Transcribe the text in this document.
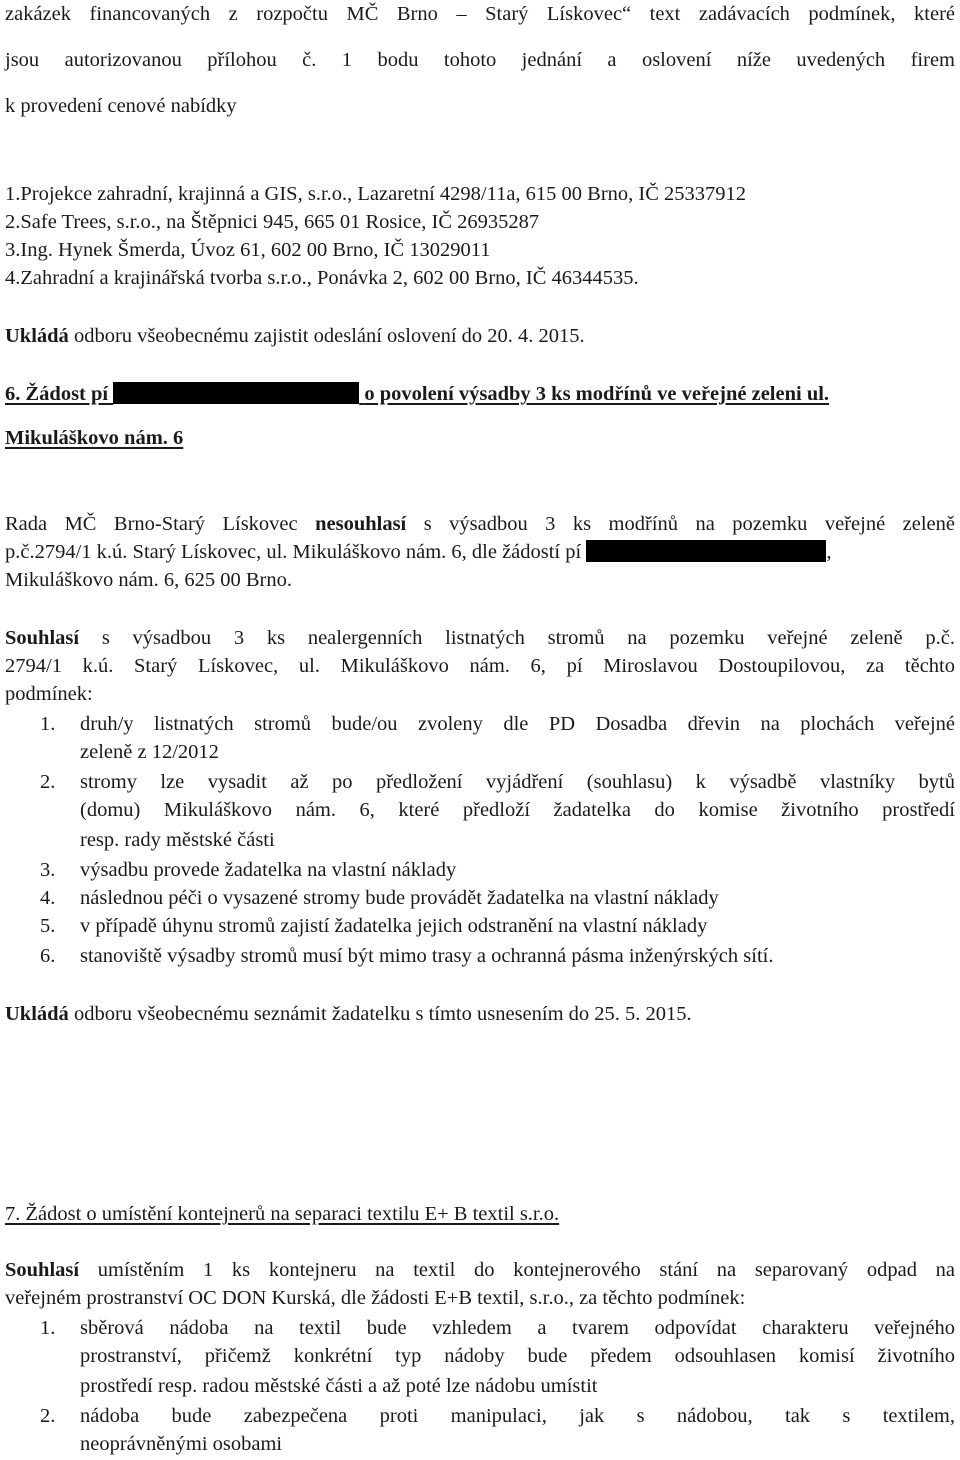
zakázek financovaných z rozpočtu MČ Brno – Starý Lískovec“ text zadávacích podmínek, které
jsou autorizovanou přílohou č. 1 bodu tohoto jednání a oslovení níže uvedených firem
k provedení cenové nabídky
1.Projekce zahradní, krajinná a GIS, s.r.o., Lazaretní 4298/11a, 615 00 Brno, IČ 25337912
2.Safe Trees, s.r.o., na Štěpnici 945, 665 01 Rosice, IČ 26935287
3.Ing. Hynek Šmerda, Úvoz 61, 602 00 Brno, IČ 13029011
4.Zahradní a krajinářská tvorba s.r.o., Ponávka 2, 602 00 Brno, IČ 46344535.
Ukládá odboru všeobecnému zajistit odeslání oslovení do 20. 4. 2015.
6. Žádost pí	o povolení výsadby 3 ks modřínů ve veřejné zeleni ul.
Mikuláškovo nám. 6
Rada MČ Brno-Starý Lískovec nesouhlasí s výsadbou 3 ks modřínů na pozemku veřejné zeleně
p.č.2794/1 k.ú. Starý Lískovec, ul. Mikuláškovo nám. 6, dle žádostí pí	,
Mikuláškovo nám. 6, 625 00 Brno.
Souhlasí s výsadbou 3 ks nealergenních listnatých stromů na pozemku veřejné zeleně p.č.
2794/1 k.ú. Starý Lískovec, ul. Mikuláškovo nám. 6, pí Miroslavou Dostoupilovou, za těchto
podmínek:
1. druh/y listnatých stromů bude/ou zvoleny dle PD Dosadba dřevin na plochách veřejné
zeleně z 12/2012
2. stromy lze vysadit až po předložení vyjádření (souhlasu) k výsadbě vlastníky bytů
(domu) Mikuláškovo nám. 6, které předloží žadatelka do komise životního prostředí
resp. rady městské části
3. výsadbu provede žadatelka na vlastní náklady
4. následnou péči o vysazené stromy bude provádět žadatelka na vlastní náklady
5. v případě úhynu stromů zajistí žadatelka jejich odstranění na vlastní náklady
6. stanoviště výsadby stromů musí být mimo trasy a ochranná pásma inženýrských sítí.
Ukládá odboru všeobecnému seznámit žadatelku s tímto usnesením do 25. 5. 2015.
7. Žádost o umístění kontejnerů na separaci textilu E+ B textil s.r.o.
Souhlasí umístěním 1 ks kontejneru na textil do kontejnerového stání na separovaný odpad na
veřejném prostranství OC DON Kurská, dle žádosti E+B textil, s.r.o., za těchto podmínek:
1. sběrová nádoba na textil bude vzhledem a tvarem odpovídat charakteru veřejného
prostranství, přičemž konkrétní typ nádoby bude předem odsouhlasen komisí životního
prostředí resp. radou městské části a až poté lze nádobu umístit
2. nádoba bude zabezpečena proti manipulaci, jak s nádobou, tak s textilem,
neoprávněnými osobami
